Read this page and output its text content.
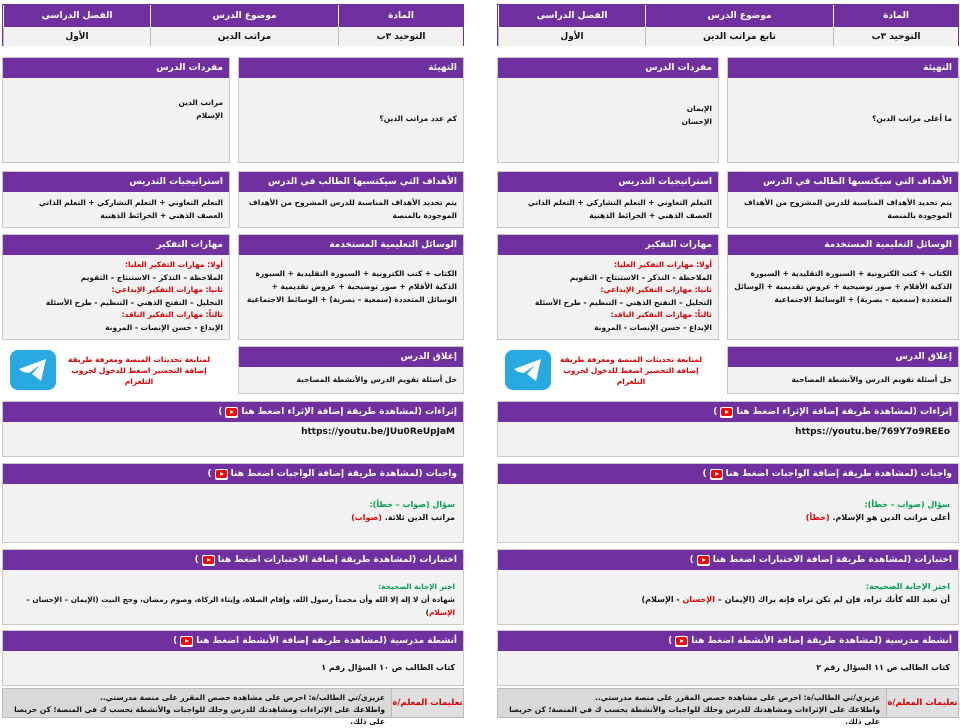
المادة
موضوع الدرس
الفصل الدراسي
التوحيد ٣ب
مراتب الدين
الأول
التهيئة
كم عدد مراتب الدين؟
مفردات الدرس
مراتب الدين
الإسلام
الأهداف التي سيكتسبها الطالب في الدرس
يتم تحديد الأهداف المناسبة للدرس المشروح من الأهداف الموجودة بالمنصة
استراتيجيات التدريس
التعلم التعاوني + التعلم التشاركي + التعلم الذاتي
العصف الذهني + الخرائط الذهنية
الوسائل التعليمية المستخدمة
الكتاب + كتب الكترونية + السبورة التقليدية + السبورة الذكية الأقلام + صور توضيحية + عروض تقديمية + الوسائل المتعددة (سمعية – بصرية) + الوسائط الاجتماعية
مهارات التفكير
أولا: مهارات التفكير العليا:
الملاحظة – التذكر – الاستنتاج – التقويم
ثانيا: مهارات التفكير الإبداعي:
التحليل – التفتح الذهني – التنظيم - طرح الأسئلة
ثالثاً: مهارات التفكير الناقد:
الإبداع - حسن الإنصات - المرونة
إغلاق الدرس
حل أسئلة تقويم الدرس والأنشطة المصاحبة
لمتابعة تحديثات المنصة ومعرفة طريقة إضافة التحضير اضغط للدخول لجروب التلغرام
إثراءات (لمشاهدة طريقة إضافة الإثراء اضغط هنا
)
https://youtu.be/JUu0ReUpJaM
واجبات (لمشاهدة طريقة إضافة الواجبات اضغط هنا
)
سؤال (صواب – خطأ):
مراتب الدين ثلاثة. (صواب)
اختبارات (لمشاهدة طريقة إضافة الاختبارات اضغط هنا
)
اختر الإجابة الصحيحة:
شهادة أن لا إله إلا الله وأن محمداً رسول الله، وإقام الصلاة، وإيتاء الزكاة، وصوم رمضان، وحج البيت (الإيمان – الإحسان – الإسلام)
أنشطة مدرسية (لمشاهدة طريقة إضافة الأنشطة اضغط هنا
)
كتاب الطالب ص ١٠ السؤال رقم ١
تعليمات المعلم/ة
عزيزي/تي الطالب/ة: احرص على مشاهدة حصص المقرر على منصة مدرستي..
واطلاعك على الإثراءات ومشاهدتك للدرس وحلك للواجبات والأنشطة بحسب ك في المنصة؛ كن حريصا على ذلك.
المادة
موضوع الدرس
الفصل الدراسي
التوحيد ٣ب
تابع مراتب الدين
الأول
التهيئة
ما أعلى مراتب الدين؟
مفردات الدرس
الإيمان
الإحسان
الأهداف التي سيكتسبها الطالب في الدرس
يتم تحديد الأهداف المناسبة للدرس المشروح من الأهداف الموجودة بالمنصة
استراتيجيات التدريس
التعلم التعاوني + التعلم التشاركي + التعلم الذاتي
العصف الذهني + الخرائط الذهنية
الوسائل التعليمية المستخدمة
الكتاب + كتب الكترونية + السبورة التقليدية + السبورة الذكية الأقلام + صور توضيحية + عروض تقديمية + الوسائل المتعددة (سمعية – بصرية) + الوسائط الاجتماعية
مهارات التفكير
أولا: مهارات التفكير العليا:
الملاحظة – التذكر – الاستنتاج – التقويم
ثانيا: مهارات التفكير الإبداعي:
التحليل – التفتح الذهني – التنظيم - طرح الأسئلة
ثالثاً: مهارات التفكير الناقد:
الإبداع - حسن الإنصات - المرونة
إغلاق الدرس
حل أسئلة تقويم الدرس والأنشطة المصاحبة
لمتابعة تحديثات المنصة ومعرفة طريقة إضافة التحضير اضغط للدخول لجروب التلغرام
إثراءات (لمشاهدة طريقة إضافة الإثراء اضغط هنا
)
https://youtu.be/769Y7o9REEo
واجبات (لمشاهدة طريقة إضافة الواجبات اضغط هنا
)
سؤال (صواب – خطأ):
أعلى مراتب الدين هو الإسلام. (خطأ)
اختبارات (لمشاهدة طريقة إضافة الاختبارات اضغط هنا
)
اختر الإجابة الصحيحة:
أن تعبد الله كأنك تراه، فإن لم تكن تراه فإنه يراك (الإيمان – الإحسان - الإسلام)
أنشطة مدرسية (لمشاهدة طريقة إضافة الأنشطة اضغط هنا
)
كتاب الطالب ص ١١ السؤال رقم ٢
تعليمات المعلم/ة
عزيزي/تي الطالب/ة: احرص على مشاهدة حصص المقرر على منصة مدرستي..
واطلاعك على الإثراءات ومشاهدتك للدرس وحلك للواجبات والأنشطة بحسب ك في المنصة؛ كن حريصا على ذلك.
